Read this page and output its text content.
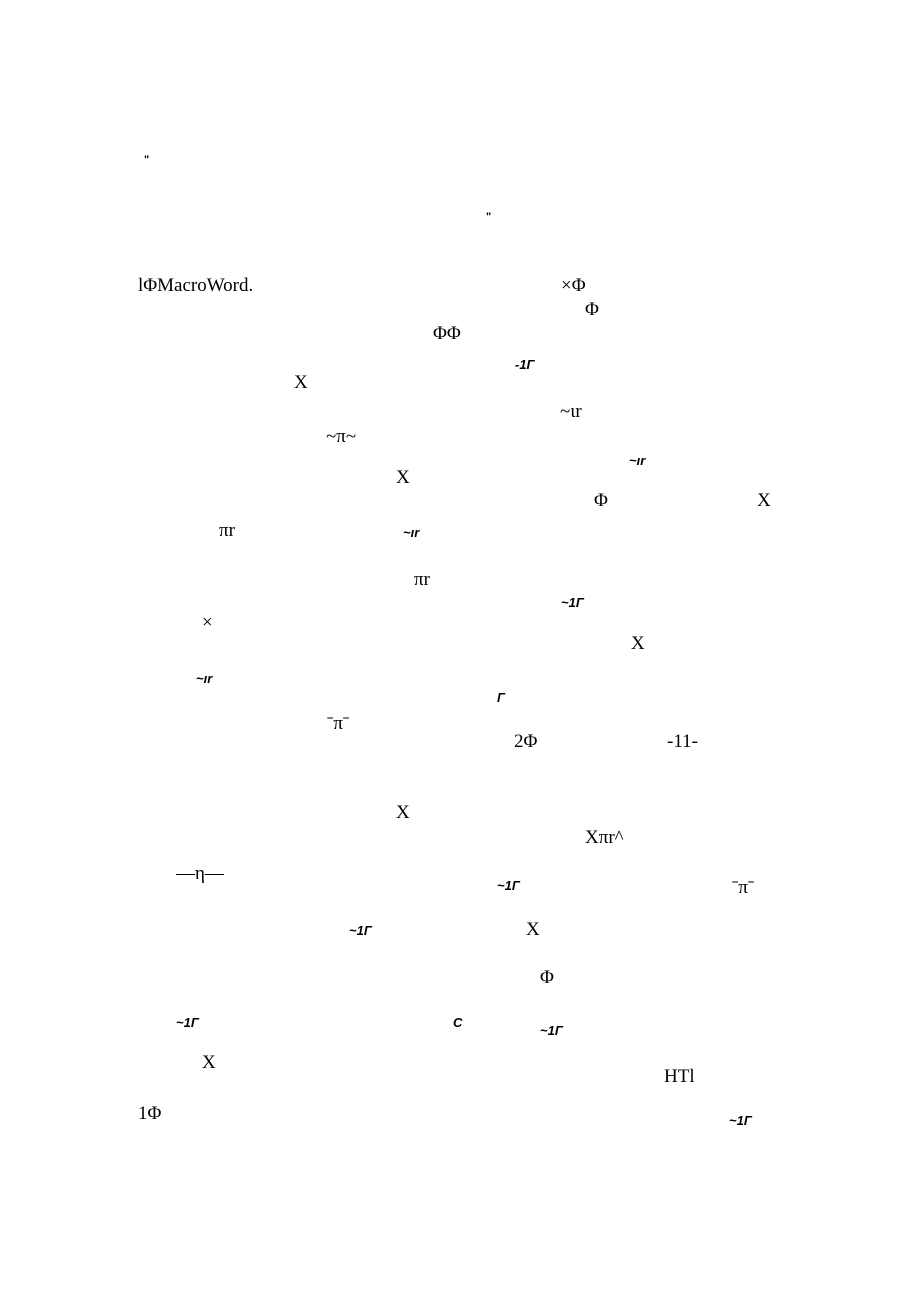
"
"
lΦMacroWord.	×Φ
Φ
ΦΦ
-1Γ
X
~ιr
~π~
~ır
X
Φ	X
πr	~ır
πr
~1Γ
×
X
~ır
Γ
ˉπˉ
2Φ	-11-
X
Xπr^
—η—
~1Γ	ˉπˉ
~1Γ	X
Φ
~1Γ	C
~1Γ
X
HTl
1Φ	~1Γ
